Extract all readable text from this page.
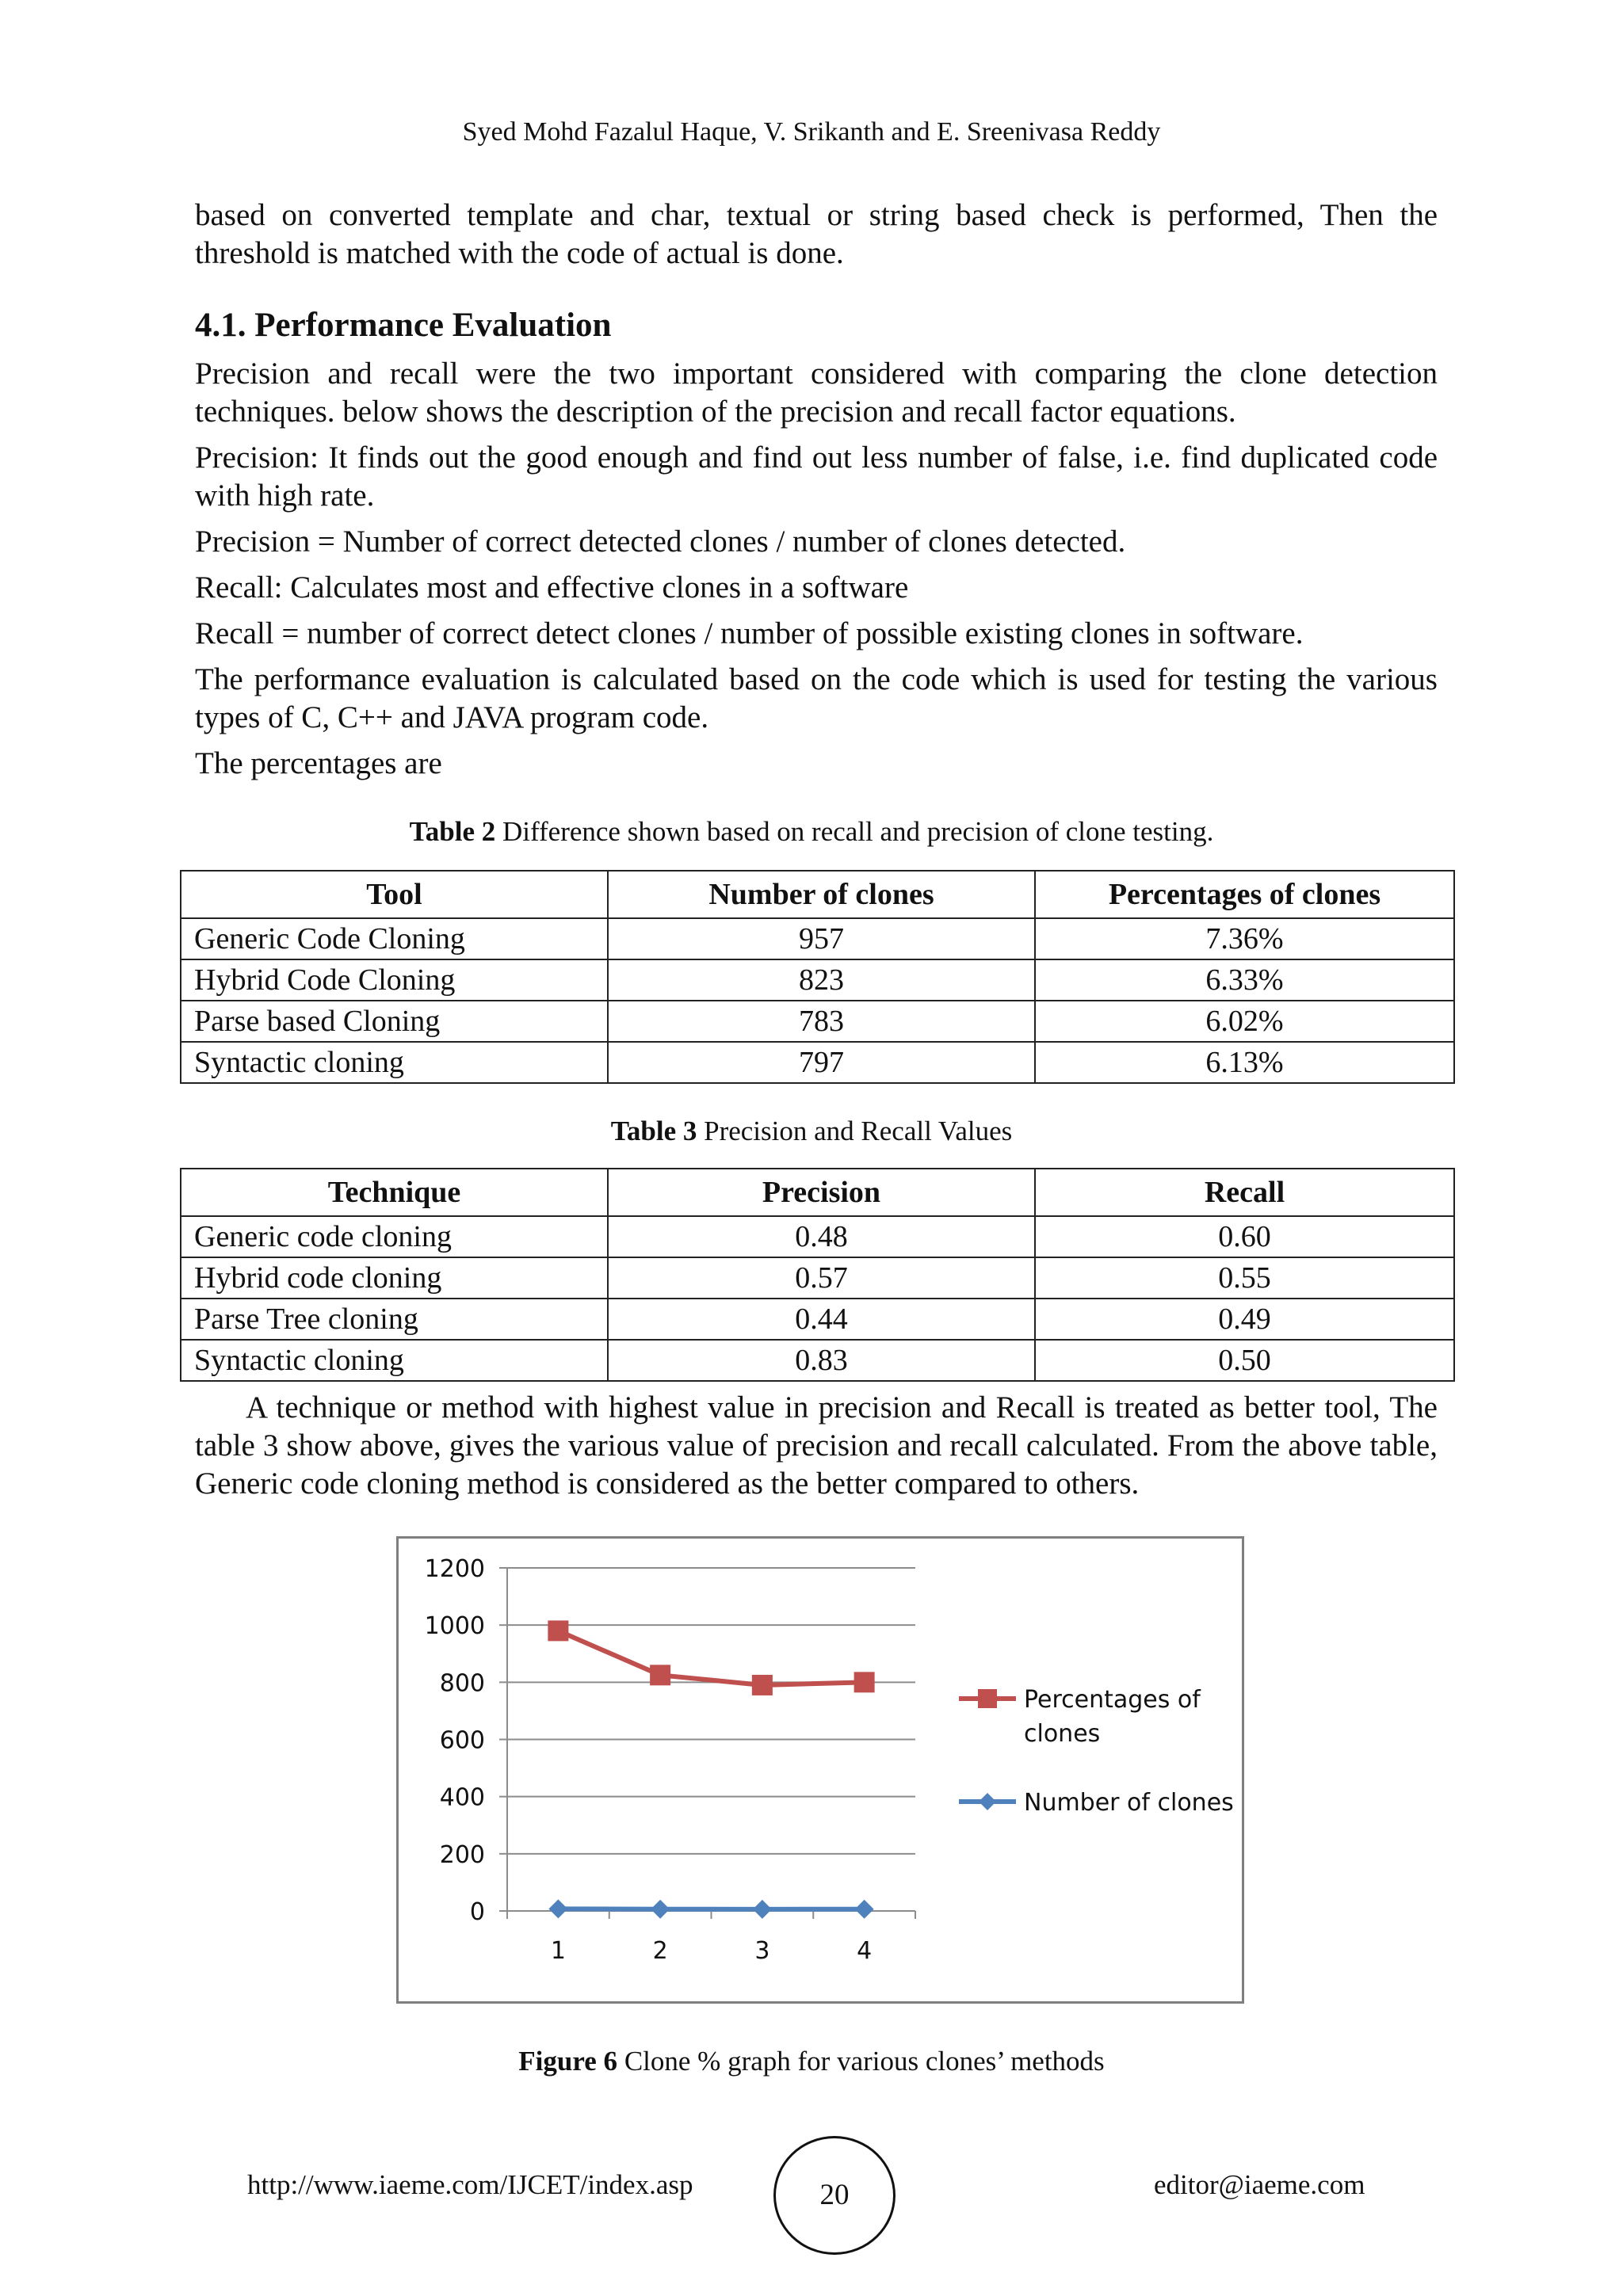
Syed Mohd Fazalul Haque, V. Srikanth and E. Sreenivasa Reddy

based on converted template and char, textual or string based check is performed, Then the threshold is matched with the code of actual is done.

4.1. Performance Evaluation

Precision and recall were the two important considered with comparing the clone detection techniques. below shows the description of the precision and recall factor equations.

Precision: It finds out the good enough and find out less number of false, i.e. find duplicated code with high rate.

Precision = Number of correct detected clones / number of clones detected.

Recall: Calculates most and effective clones in a software

Recall = number of correct detect clones / number of possible existing clones in software.

The performance evaluation is calculated based on the code which is used for testing the various types of C, C++ and JAVA program code.

The percentages are

Table 2 Difference shown based on recall and precision of clone testing.
Tool	Number of clones	Percentages of clones
Generic Code Cloning	957	7.36%
Hybrid Code Cloning	823	6.33%
Parse based Cloning	783	6.02%
Syntactic cloning	797	6.13%
Table 3 Precision and Recall Values
Technique	Precision	Recall
Generic code cloning	0.48	0.60
Hybrid code cloning	0.57	0.55
Parse Tree cloning	0.44	0.49
Syntactic cloning	0.83	0.50

A technique or method with highest value in precision and Recall is treated as better tool, The table 3 show above, gives the various value of precision and recall calculated. From the above table, Generic code cloning method is considered as the better compared to others.

0
200
400
600
800
1000
1200
1	2	3	4
Percentages of
clones
Number of clones
Figure 6 Clone % graph for various clones’ methods
http://www.iaeme.com/IJCET/index.asp	20	editor@iaeme.com
